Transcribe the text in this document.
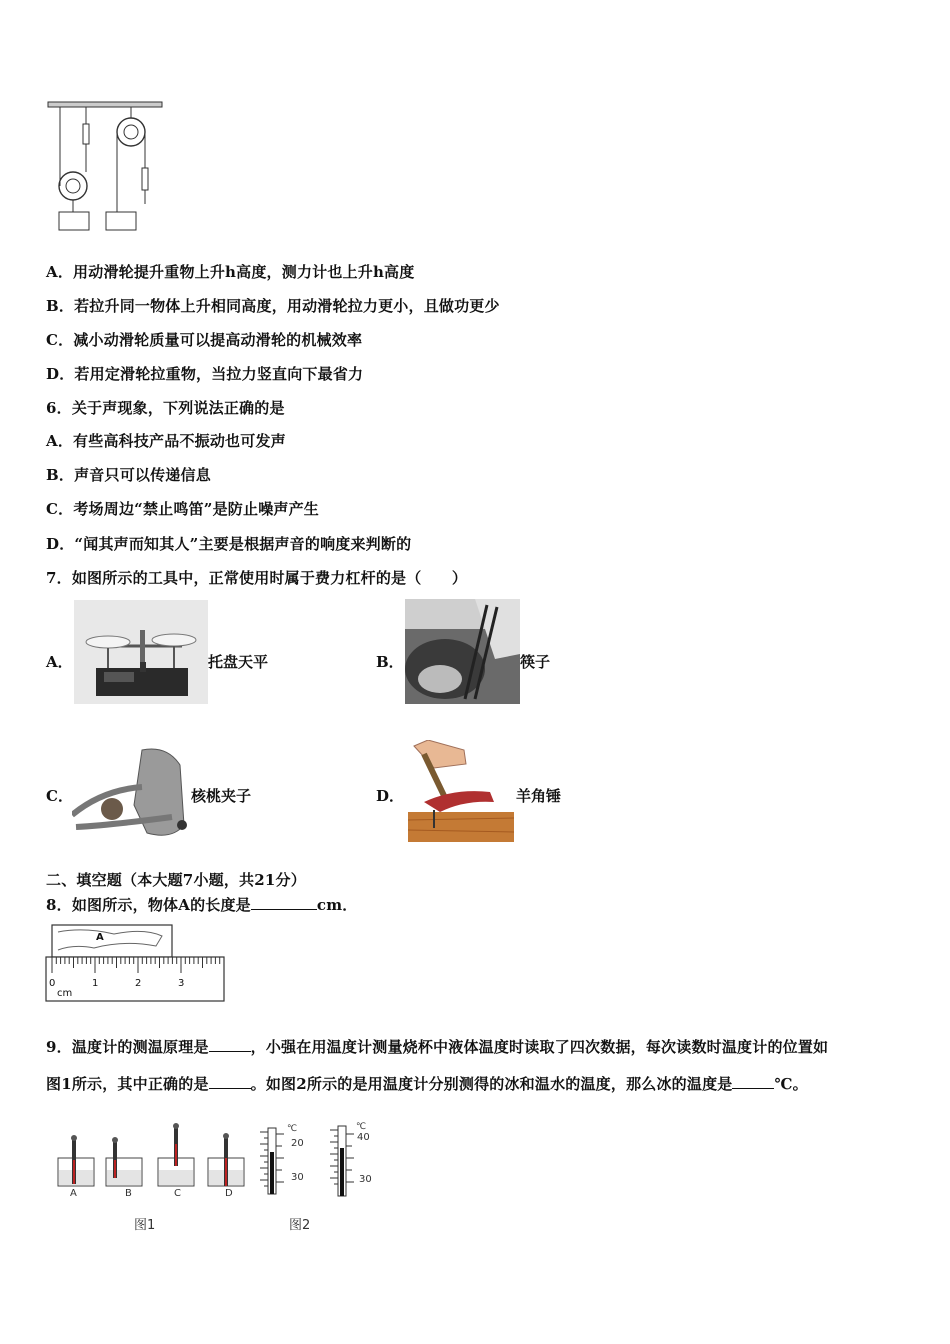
A．用动滑轮提升重物上升h高度，测力计也上升h高度
B．若拉升同一物体上升相同高度，用动滑轮拉力更小，且做功更少
C．减小动滑轮质量可以提高动滑轮的机械效率
D．若用定滑轮拉重物，当拉力竖直向下最省力
6．关于声现象，下列说法正确的是
A．有些高科技产品不振动也可发声
B．声音只可以传递信息
C．考场周边“禁止鸣笛”是防止噪声产生
D．“闻其声而知其人”主要是根据声音的响度来判断的
7．如图所示的工具中，正常使用时属于费力杠杆的是（　　）
A．	托盘天平	B．	筷子
C．	核桃夹子	D．	羊角锤
二、填空题（本大题7小题，共21分）
8．如图所示，物体A的长度是	cm．
A
0	1	2	3
cm
9．温度计的测温原理是	，小强在用温度计测量烧杯中液体温度时读取了四次数据，每次读数时温度计的位置如
图1所示，其中正确的是	。如图2所示的是用温度计分别测得的冰和温水的温度，那么冰的温度是	℃。
A	B	C	D
图1
℃
20
30
℃
40
30
图2
